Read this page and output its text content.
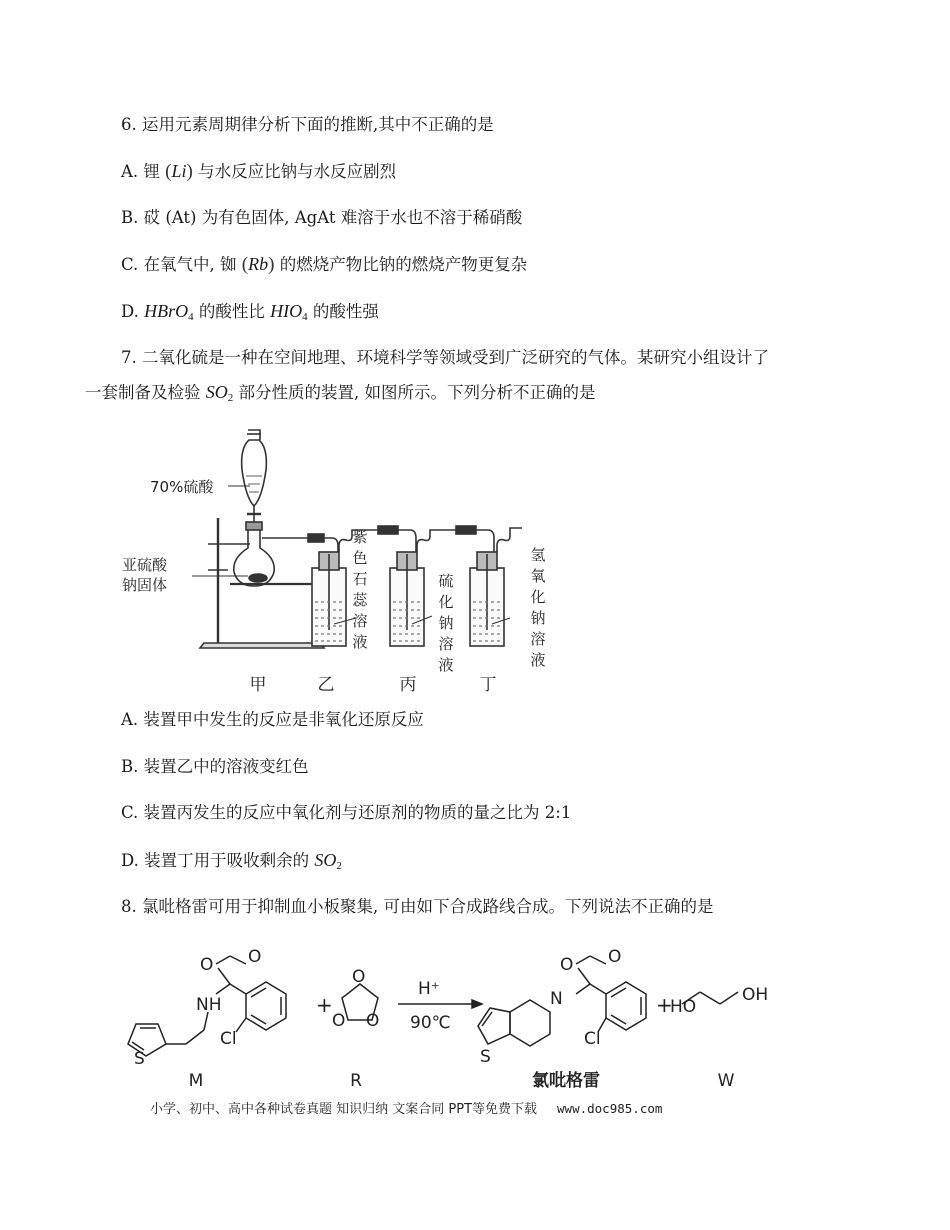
6. 运用元素周期律分析下面的推断,其中不正确的是
A. 锂 (Li) 与水反应比钠与水反应剧烈
B. 砹 (At) 为有色固体, AgAt 难溶于水也不溶于稀硝酸
C. 在氧气中, 铷 (Rb) 的燃烧产物比钠的燃烧产物更复杂
D. HBrO$_4$ 的酸性比 $HIO_4$ 的酸性强
7. 二氧化硫是一种在空间地理、环境科学等领域受到广泛研究的气体。某研究小组设计了
一套制备及检验 $SO_2$ 部分性质的装置, 如图所示。下列分析不正确的是
70%硫酸
亚硫酸
钠固体
紫
色
石
蕊
溶
液
硫
化
钠
溶
液
氢
氧
化
钠
溶
液
甲	乙	丙	丁
A. 装置甲中发生的反应是非氧化还原反应
B. 装置乙中的溶液变红色
C. 装置丙发生的反应中氧化剂与还原剂的物质的量之比为 2:1
D. 装置丁用于吸收剩余的 $SO_2$
8. 氯吡格雷可用于抑制血小板聚集, 可由如下合成路线合成。下列说法不正确的是
O O
NH
Cl
S
+
O
O O
H⁺
90℃
O O
N
Cl
S
+
HO
OH
M	R	氯吡格雷	W
小学、初中、高中各种试卷真题 知识归纳 文案合同 PPT等免费下载 www.doc985.com
